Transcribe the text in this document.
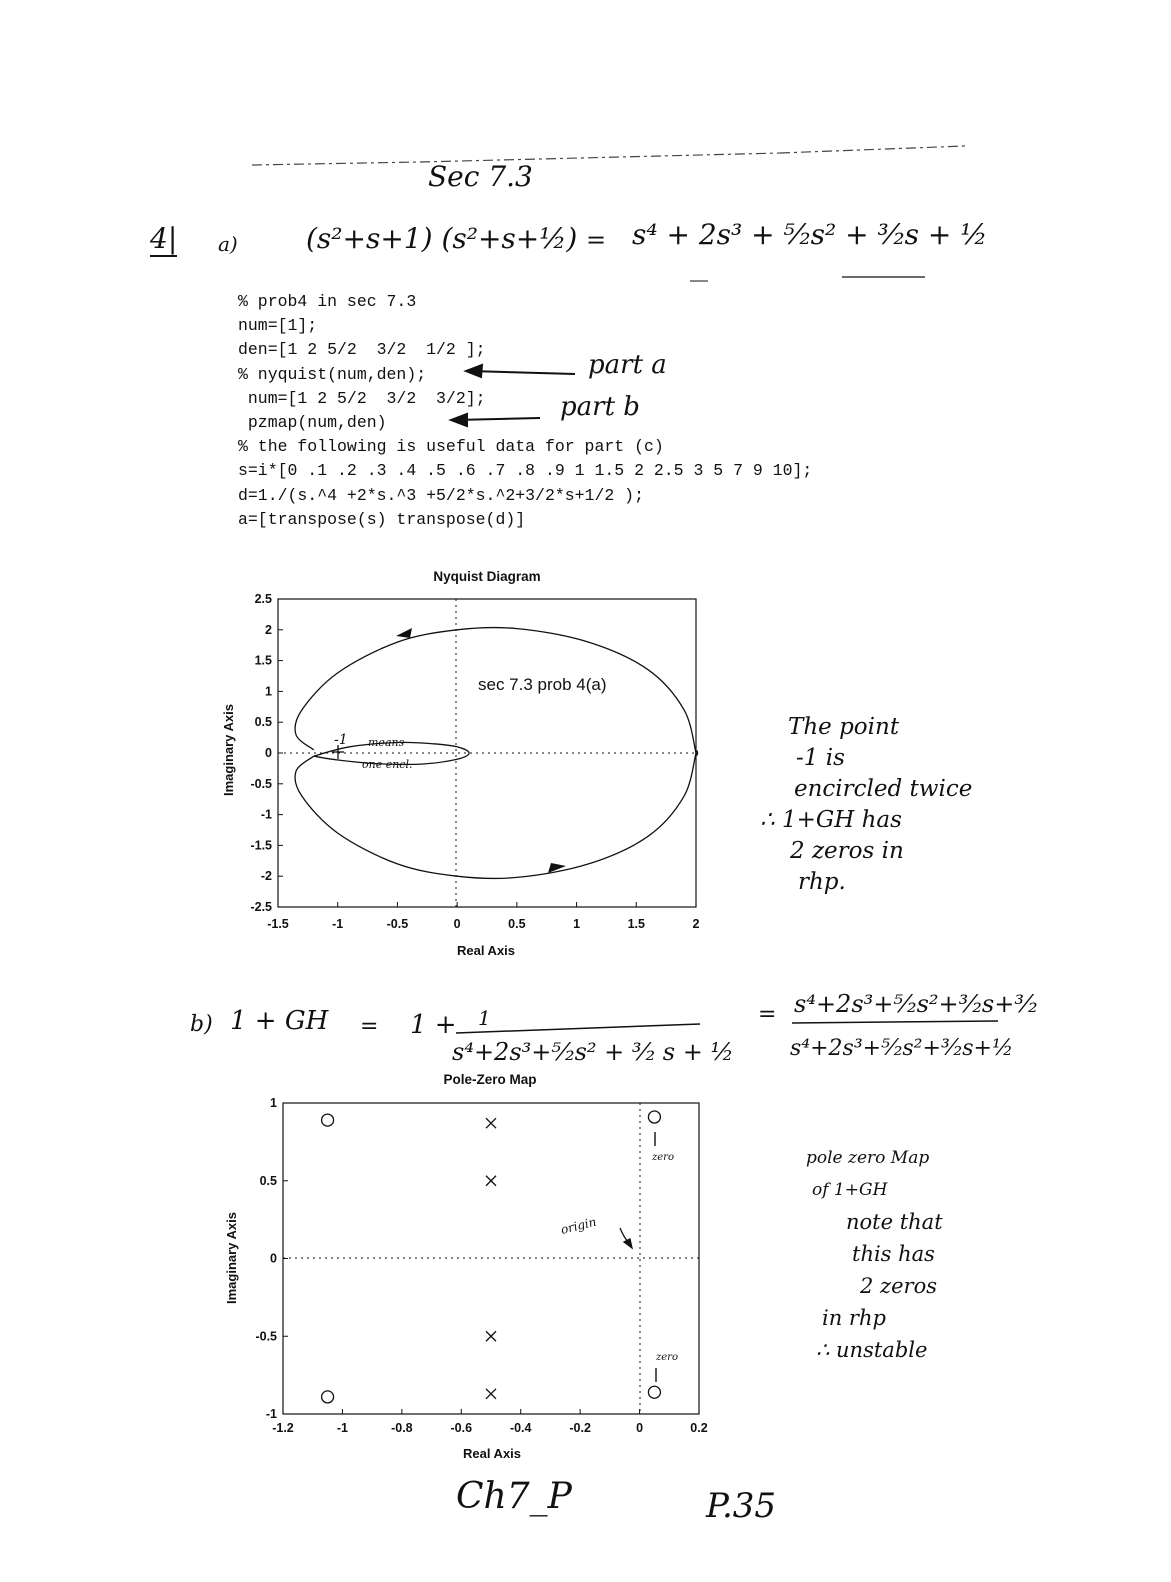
Sec 7.3
4| a) (s²+s+1) (s²+s+½) = s⁴ + 2s³ + ⁵⁄₂s² + ³⁄₂s + ½
% prob4 in sec 7.3
num=[1];
den=[1 2 5/2  3/2  1/2 ];
% nyquist(num,den);
num=[1 2 5/2  3/2  3/2];
pzmap(num,den)
% the following is useful data for part (c)
s=i*[0 .1 .2 .3 .4 .5 .6 .7 .8 .9 1 1.5 2 2.5 3 5 7 9 10];
d=1./(s.^4 +2*s.^3 +5/2*s.^2+3/2*s+1/2 );
a=[transpose(s) transpose(d)]
part a
part b
Nyquist Diagram
-1.5	-1	-0.5	0	0.5	1	1.5	2
2.5
2
1.5
1
0.5
0
-0.5
-1
-1.5
-2
-2.5
sec 7.3 prob 4(a)
-1 means
one encl.
Real Axis
Imaginary Axis	The point
-1 is
encircled twice
∴ 1+GH has
2 zeros in
rhp.
b) 1 + GH = 1 + 1
s⁴+2s³+⁵⁄₂s² + ³⁄₂ s + ½
= s⁴+2s³+⁵⁄₂s²+³⁄₂s+³⁄₂
s⁴+2s³+⁵⁄₂s²+³⁄₂s+½
Pole-Zero Map
-1.2	-1	-0.8	-0.6	-0.4	-0.2	0	0.2
1
0.5
0
-0.5
-1
Real Axis
Imaginary Axis
zero
zero
origin
pole zero Map
of 1+GH
note that
this has
2 zeros
in rhp
∴ unstable
Ch7_P	P.35
